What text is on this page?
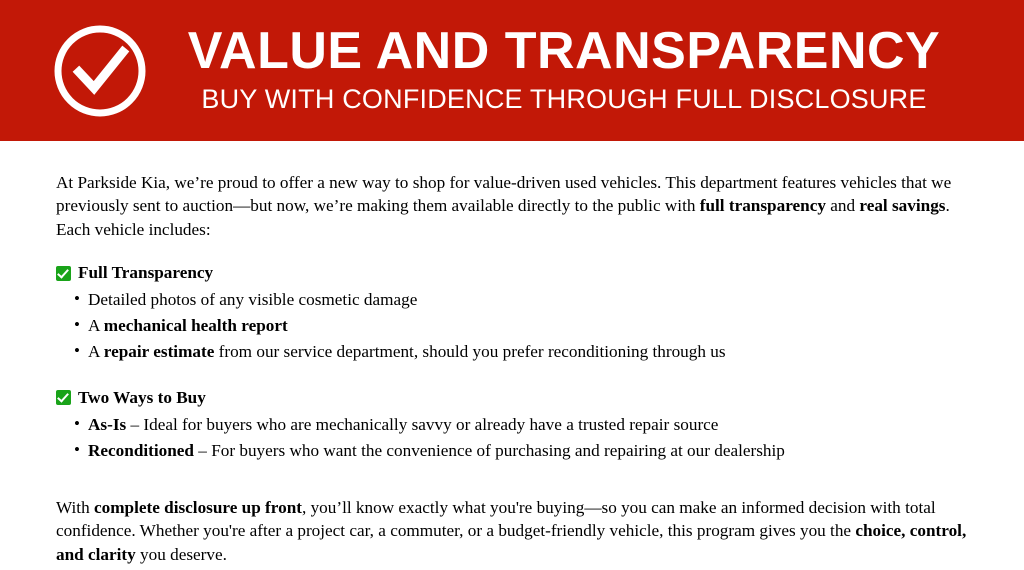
VALUE AND TRANSPARENCY
BUY WITH CONFIDENCE THROUGH FULL DISCLOSURE

At Parkside Kia, we’re proud to offer a new way to shop for value-driven used vehicles. This department features vehicles that we previously sent to auction—but now, we’re making them available directly to the public with full transparency and real savings. Each vehicle includes:

Full Transparency
• Detailed photos of any visible cosmetic damage
• A mechanical health report
• A repair estimate from our service department, should you prefer reconditioning through us
Two Ways to Buy
• As-Is – Ideal for buyers who are mechanically savvy or already have a trusted repair source
• Reconditioned – For buyers who want the convenience of purchasing and repairing at our dealership

With complete disclosure up front, you’ll know exactly what you're buying—so you can make an informed decision with total confidence. Whether you're after a project car, a commuter, or a budget-friendly vehicle, this program gives you the choice, control, and clarity you deserve.
